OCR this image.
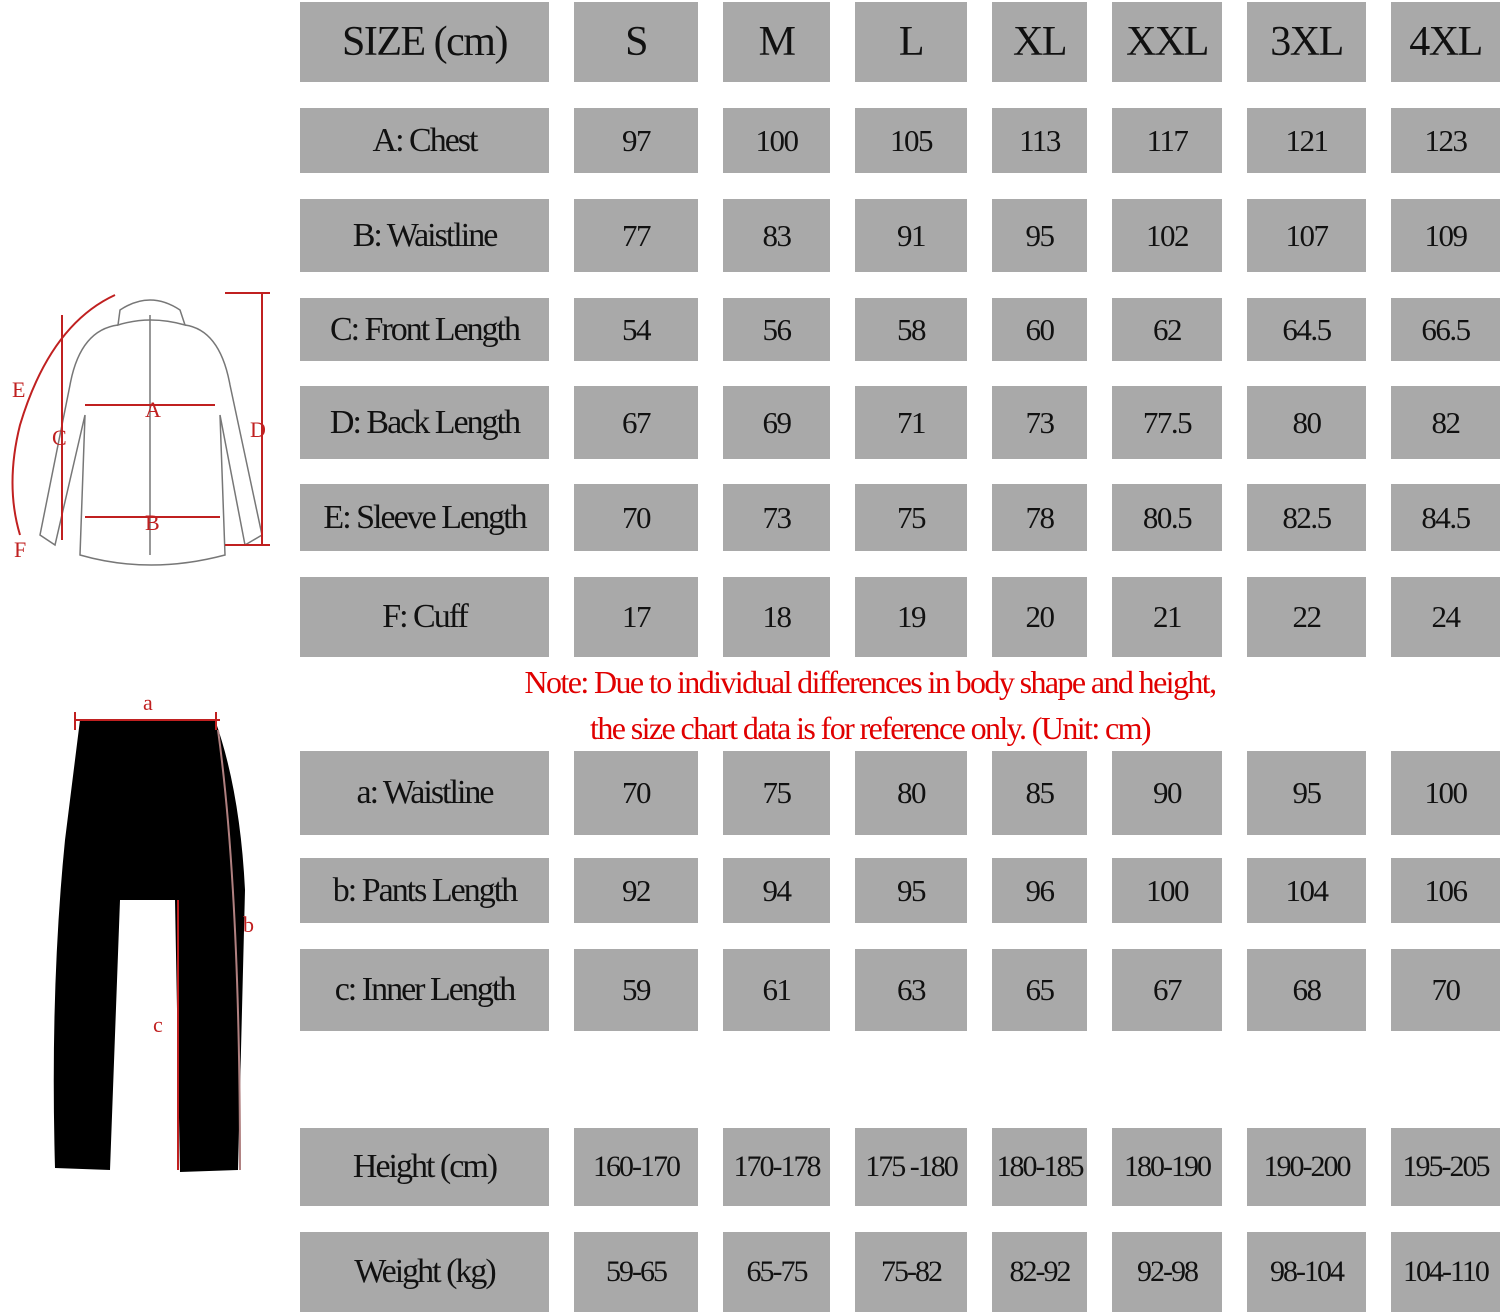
A
B
C	D
E
F
a
b
c
SIZE (cm)	S	M	L	XL	XXL	3XL	4XL
A: Chest	97	100	105	113	117	121	123
B: Waistline	77	83	91	95	102	107	109
C: Front Length	54	56	58	60	62	64.5	66.5
D: Back Length	67	69	71	73	77.5	80	82
E: Sleeve Length	70	73	75	78	80.5	82.5	84.5
F: Cuff	17	18	19	20	21	22	24
a: Waistline	70	75	80	85	90	95	100
b: Pants Length	92	94	95	96	100	104	106
c: Inner Length	59	61	63	65	67	68	70
Height (cm)	160-170	170-178	175 -180	180-185	180-190	190-200	195-205
Weight (kg)	59-65	65-75	75-82	82-92	92-98	98-104	104-110
Note: Due to individual differences in body shape and height,
the size chart data is for reference only. (Unit: cm)
